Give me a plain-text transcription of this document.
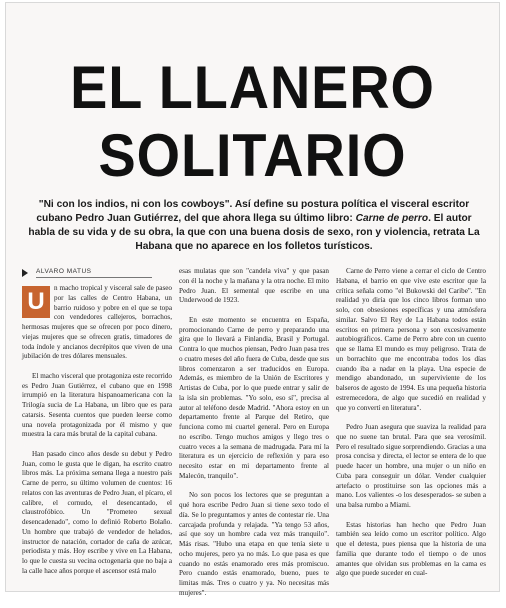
EL LLANERO
SOLITARIO
"Ni con los indios, ni con los cowboys". Así define su postura política el visceral escritor cubano Pedro Juan Gutiérrez, del que ahora llega su último libro: Carne de perro. El autor habla de su vida y de su obra, la que con una buena dosis de sexo, ron y violencia, retrata La Habana que no aparece en los folletos turísticos.
ALVARO MATUS

U	n macho tropical y visceral sale de paseo por las calles de Centro Habana, un barrio ruidoso y pobre en el que se topa con vendedores callejeros, borrachos, hermosas mujeres que se ofrecen por poco dinero, viejas mujeres que se ofrecen gratis, timadores de toda índole y ancianos decrépitos que viven de una jubilación de tres dólares mensuales.

El macho visceral que protagoniza este recorrido es Pedro Juan Gutiérrez, el cubano que en 1998 irrumpió en la literatura hispanoamericana con la Trilogía sucia de La Habana, un libro que es para catarsis. Sesenta cuentos que pueden leerse como una novela protagonizada por él mismo y que muestra la cara más brutal de la capital cubana.

Han pasado cinco años desde su debut y Pedro Juan, como le gusta que le digan, ha escrito cuatro libros más. La próxima semana llega a nuestro país Carne de perro, su último volumen de cuentos: 16 relatos con las aventuras de Pedro Juan, el pícaro, el calibre, el cornudo, el desencantado, el claustrofóbico. Un "Prometeo sexual desencadenado", como lo definió Roberto Bolaño. Un hombre que trabajó de vendedor de helados, instructor de natación, cortador de caña de azúcar, periodista y más. Hoy escribe y vive en La Habana, lo que le cuesta su vecina octogenaria que no baja a la calle hace años porque el ascensor está malo

esas mulatas que son "candela viva" y que pasan con él la noche y la mañana y la otra noche. El mito Pedro Juan. El semental que escribe en una Underwood de 1923.

En este momento se encuentra en España, promocionando Carne de perro y preparando una gira que lo llevará a Finlandia, Brasil y Portugal. Contra lo que muchos piensan, Pedro Juan pasa tres o cuatro meses del año fuera de Cuba, desde que sus libros comenzaron a ser traducidos en Europa. Además, es miembro de la Unión de Escritores y Artistas de Cuba, por lo que puede entrar y salir de la isla sin problemas. "Yo solo, eso sí", precisa al autor al teléfono desde Madrid. "Ahora estoy en un departamento frente al Parque del Retiro, que funciona como mi cuartel general. Pero en Europa no escribo. Tengo muchos amigos y llego tres o cuatro veces a la semana de madrugada. Para mí la literatura es un ejercicio de reflexión y para eso necesito estar en mi departamento frente al Malecón, tranquilo".

No son pocos los lectores que se preguntan a qué hora escribe Pedro Juan si tiene sexo todo el día. Se lo preguntamos y antes de contestar ríe. Una carcajada profunda y relajada. "Ya tengo 53 años, así que soy un hombre cada vez más tranquilo". Más risas. "Hubo una etapa en que tenía siete u ocho mujeres, pero ya no más. Lo que pasa es que cuando no estás enamorado eres más promiscuo. Pero cuando estás enamorado, bueno, pues te limitas más. Tres o cuatro y ya. No necesitas más mujeres".

Carne de Perro viene a cerrar el ciclo de Centro Habana, el barrio en que vive este escritor que la crítica señala como "el Bukowski del Caribe". "En realidad yo diría que los cinco libros forman uno solo, con obsesiones específicas y una atmósfera similar. Salvo El Rey de La Habana todos están escritos en primera persona y son excesivamente autobiográficos. Carne de Perro abre con un cuento que se llama El mundo es muy peligroso. Trata de un borrachito que me encontraba todos los días cuando iba a nadar en la playa. Una especie de mendigo abandonado, un superviviente de los balseros de agosto de 1994. Es una pequeña historia estremecedora, de algo que sucedió en realidad y que yo convertí en literatura".

Pedro Juan asegura que suaviza la realidad para que no suene tan brutal. Para que sea verosímil. Pero el resultado sigue sorprendiendo. Gracias a una prosa concisa y directa, el lector se entera de lo que puede hacer un hombre, una mujer o un niño en Cuba para conseguir un dólar. Vender cualquier artefacto o prostituirse son las opciones más a mano. Los valientes -o los desesperados- se suben a una balsa rumbo a Miami.

Estas historias han hecho que Pedro Juan también sea leído como un escritor político. Algo que el detesta, pues piensa que la historia de una familia que durante todo el tiempo o de unos amantes que olvidan sus problemas en la cama es algo que puede suceder en cual-
